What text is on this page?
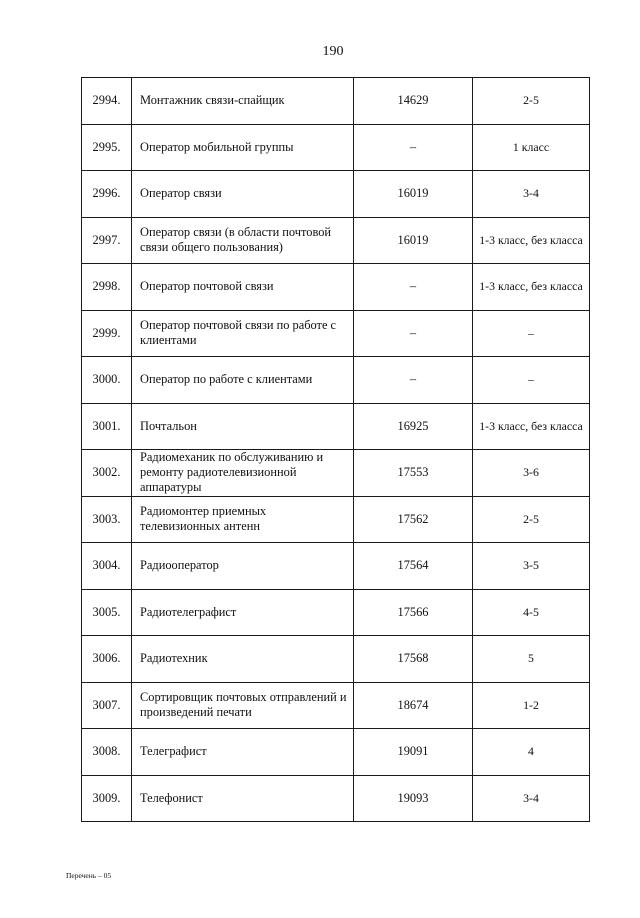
190
2994.	Монтажник связи-спайщик	14629	2-5
2995.	Оператор мобильной группы	–	1 класс
2996.	Оператор связи	16019	3-4
2997.	Оператор связи (в области почтовой связи общего пользования)	16019	1-3 класс, без класса
2998.	Оператор почтовой связи	–	1-3 класс, без класса
2999.	Оператор почтовой связи по работе с клиентами	–	–
3000.	Оператор по работе с клиентами	–	–
3001.	Почтальон	16925	1-3 класс, без класса
3002.	Радиомеханик по обслуживанию и ремонту радиотелевизионной аппаратуры	17553	3-6
3003.	Радиомонтер приемных телевизионных антенн	17562	2-5
3004.	Радиооператор	17564	3-5
3005.	Радиотелеграфист	17566	4-5
3006.	Радиотехник	17568	5
3007.	Сортировщик почтовых отправлений и произведений печати	18674	1-2
3008.	Телеграфист	19091	4
3009.	Телефонист	19093	3-4
Перечень – 05
